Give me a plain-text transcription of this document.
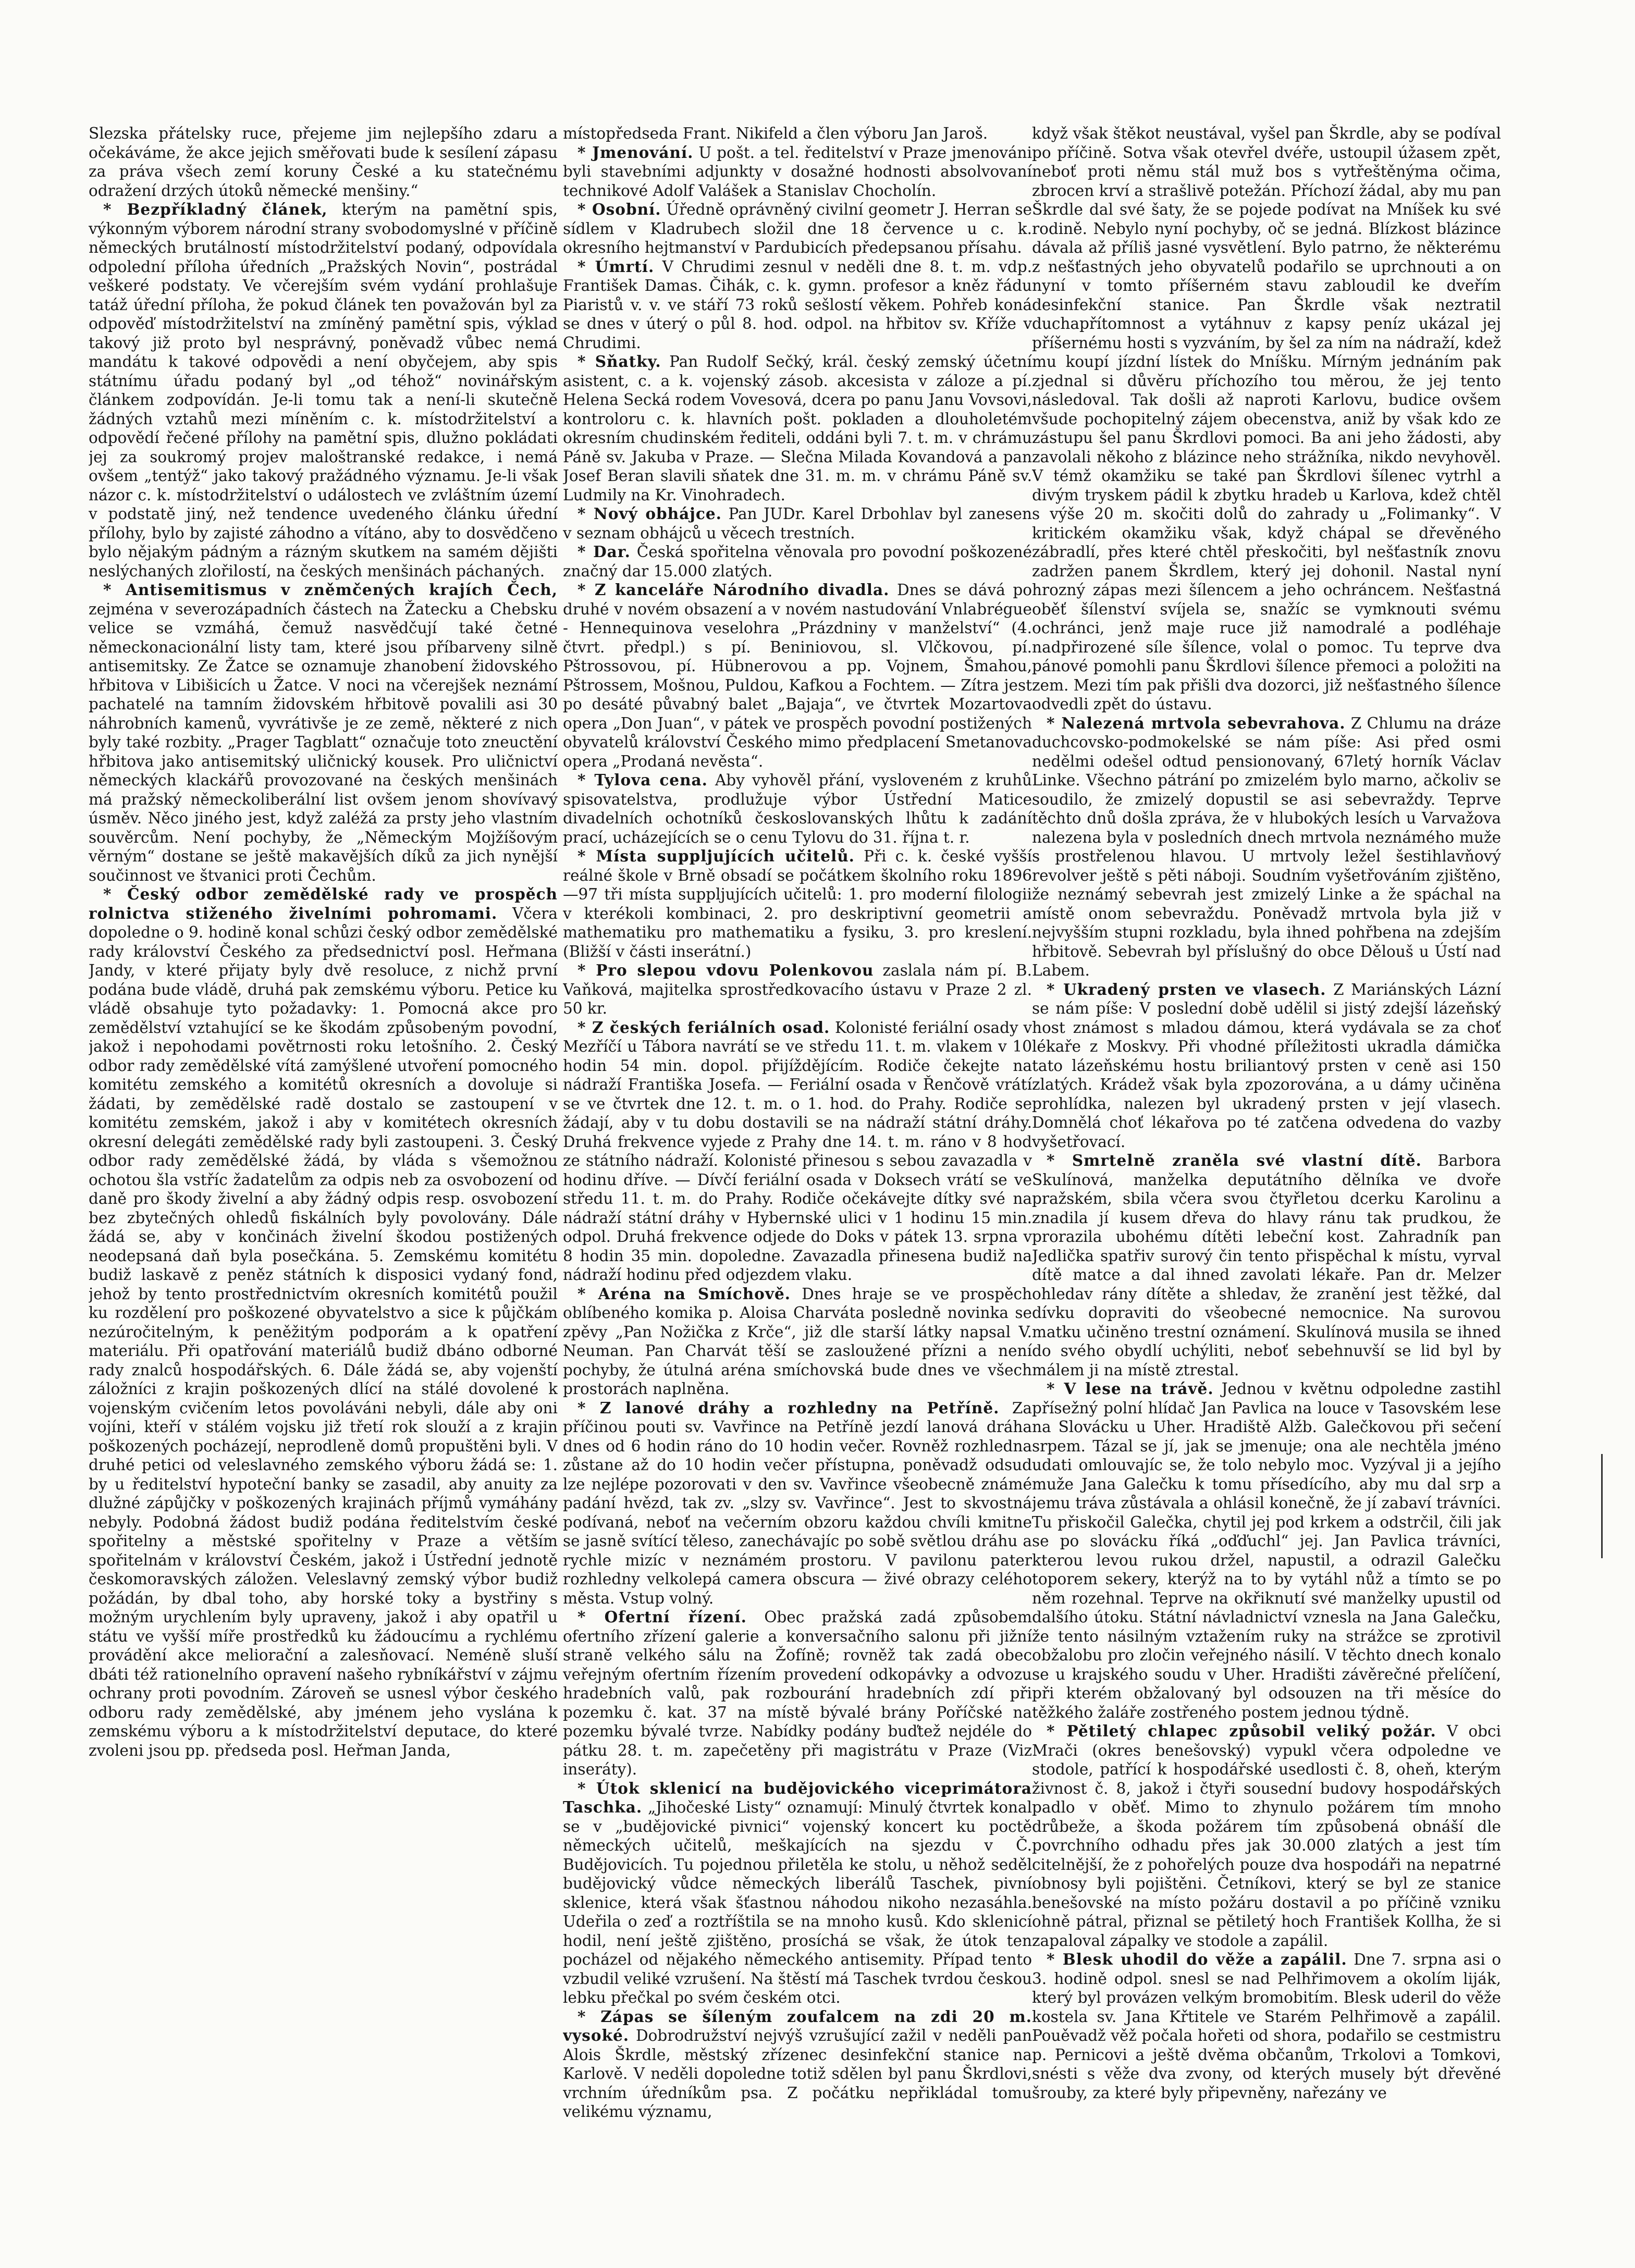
Slezska přátelsky ruce, přejeme jim nejlepšího zdaru a očekáváme, že akce jejich směřovati bude k sesílení zápasu za práva všech zemí koruny České a ku statečnému odražení drzých útoků německé menšiny.“

* Bezpříkladný článek, kterým na pamětní spis, výkonným výborem národní strany svobodomyslné v příčině německých brutálností místodržitelství podaný, odpovídala odpolední příloha úředních „Pražských Novin“, postrádal veškeré podstaty. Ve včerejším svém vydání prohlašuje tatáž úřední příloha, že pokud článek ten považován byl za odpověď místodržitelství na zmíněný pamětní spis, výklad takový již proto byl nesprávný, poněvadž vůbec nemá mandátu k takové odpovědi a není obyčejem, aby spis státnímu úřadu podaný byl „od téhož“ novinářským článkem zodpovídán. Je-li tomu tak a není-li skutečně žádných vztahů mezi míněním c. k. místodržitelství a odpovědí řečené přílohy na pamětní spis, dlužno pokládati jej za soukromý projev maloštranské redakce, i nemá ovšem „tentýž“ jako takový pražádného významu. Je-li však názor c. k. místodržitelství o událostech ve zvláštním území v podstatě jiný, než tendence uvedeného článku úřední přílohy, bylo by zajisté záhodno a vítáno, aby to dosvědčeno bylo nějakým pádným a rázným skutkem na samém dějišti neslýchaných zlořilostí, na českých menšinách páchaných.

* Antisemitismus v zněmčených krajích Čech, zejména v severozápadních částech na Žatecku a Chebsku velice se vzmáhá, čemuž nasvědčují také četné německonacionální listy tam, které jsou příbarveny silně antisemitsky. Ze Žatce se oznamuje zhanobení židovského hřbitova v Libišicích u Žatce. V noci na včerejšek neznámí pachatelé na tamním židovském hřbitově povalili asi 30 náhrobních kamenů, vyvrátivše je ze země, některé z nich byly také rozbity. „Prager Tagblatt“ označuje toto zneuctění hřbitova jako antisemitský uličnický kousek. Pro uličnictví německých klackářů provozované na českých menšinách má pražský německoliberální list ovšem jenom shovívavý úsměv. Něco jiného jest, když zaléžá za prsty jeho vlastním souvěrcům. Není pochyby, že „Německým Mojžíšovým věrným“ dostane se ještě makavějších díků za jich nynější součinnost ve štvanici proti Čechům.

* Český odbor zemědělské rady ve prospěch rolnictva stiženého živelními pohromami. Včera dopoledne o 9. hodině konal schůzi český odbor zemědělské rady království Českého za předsednictví posl. Heřmana Jandy, v které přijaty byly dvě resoluce, z nichž první podána bude vládě, druhá pak zemskému výboru. Petice ku vládě obsahuje tyto požadavky: 1. Pomocná akce pro zemědělství vztahující se ke škodám způsobeným povodní, jakož i nepohodami povětrnosti roku letošního. 2. Český odbor rady zemědělské vítá zamýšlené utvoření pomocného komitétu zemského a komitétů okresních a dovoluje si žádati, by zemědělské radě dostalo se zastoupení v komitétu zemském, jakož i aby v komitétech okresních okresní delegáti zemědělské rady byli zastoupeni. 3. Český odbor rady zemědělské žádá, by vláda s všemožnou ochotou šla vstříc žadatelům za odpis neb za osvobození od daně pro škody živelní a aby žádný odpis resp. osvobození bez zbytečných ohledů fiskálních byly povolovány. Dále žádá se, aby v končinách živelní škodou postižených neodepsaná daň byla posečkána. 5. Zemskému komitétu budiž laskavě z peněz státních k disposici vydaný fond, jehož by tento prostřednictvím okresních komitétů použil ku rozdělení pro poškozené obyvatelstvo a sice k půjčkám nezúročitelným, k peněžitým podporám a k opatření materiálu. Při opatřování materiálů budiž dbáno odborné rady znalců hospodářských. 6. Dále žádá se, aby vojenští záložníci z krajin poškozených dlící na stálé dovolené k vojenským cvičením letos povoláváni nebyli, dále aby oni vojíni, kteří v stálém vojsku již třetí rok slouží a z krajin poškozených pocházejí, neprodleně domů propuštěni byli. V druhé petici od veleslavného zemského výboru žádá se: 1. by u ředitelství hypoteční banky se zasadil, aby anuity za dlužné zápůjčky v poškozených krajinách příjmů vymáhány nebyly. Podobná žádost budiž podána ředitelstvím české spořitelny a městské spořitelny v Praze a větším spořitelnám v království Českém, jakož i Ústřední jednotě českomoravských záložen. Veleslavný zemský výbor budiž požádán, by dbal toho, aby horské toky a bystřiny s možným urychlením byly upraveny, jakož i aby opatřil u státu ve vyšší míře prostředků ku žádoucímu a rychlému provádění akce meliorační a zalesňovací. Neméně sluší dbáti též rationelního opravení našeho rybníkářství v zájmu ochrany proti povodním. Zároveň se usnesl výbor českého odboru rady zemědělské, aby jménem jeho vyslána k zemskému výboru a k místodržitelství deputace, do které zvoleni jsou pp. předseda posl. Heřman Janda,

místopředseda Frant. Nikifeld a člen výboru Jan Jaroš.

* Jmenování. U pošt. a tel. ředitelství v Praze jmenováni byli stavebními adjunkty v dosažné hodnosti absolvovaní technikové Adolf Valášek a Stanislav Chocholín.

* Osobní. Úředně oprávněný civilní geometr J. Herran se sídlem v Kladrubech složil dne 18 července u c. k. okresního hejtmanství v Pardubicích předepsanou přísahu.

* Úmrtí. V Chrudimi zesnul v neděli dne 8. t. m. vdp. František Damas. Čihák, c. k. gymn. profesor a kněz řádu Piaristů v. v. ve stáří 73 roků sešlostí věkem. Pohřeb koná se dnes v úterý o půl 8. hod. odpol. na hřbitov sv. Kříže v Chrudimi.

* Sňatky. Pan Rudolf Sečký, král. český zemský účetní asistent, c. a k. vojenský zásob. akcesista v záloze a pí. Helena Secká rodem Vovesová, dcera po panu Janu Vovsovi, kontroloru c. k. hlavních pošt. pokladen a dlouholetém okresním chudinském řediteli, oddáni byli 7. t. m. v chrámu Páně sv. Jakuba v Praze. — Slečna Milada Kovandová a pan Josef Beran slavili sňatek dne 31. m. m. v chrámu Páně sv. Ludmily na Kr. Vinohradech.

* Nový obhájce. Pan JUDr. Karel Drbohlav byl zanesen v seznam obhájců u věcech trestních.

* Dar. Česká spořitelna věnovala pro povodní poškozené značný dar 15.000 zlatých.

* Z kanceláře Národního divadla. Dnes se dává po druhé v novém obsazení a v novém nastudování Vnlabrégue - Hennequinova veselohra „Prázdniny v manželství“ (4. čtvrt. předpl.) s pí. Beniniovou, sl. Vlčkovou, pí. Pštrossovou, pí. Hübnerovou a pp. Vojnem, Šmahou, Pštrossem, Mošnou, Puldou, Kafkou a Fochtem. — Zítra jest po desáté půvabný balet „Bajaja“, ve čtvrtek Mozartova opera „Don Juan“, v pátek ve prospěch povodní postižených obyvatelů království Českého mimo předplacení Smetanova opera „Prodaná nevěsta“.

* Tylova cena. Aby vyhověl přání, vysloveném z kruhů spisovatelstva, prodlužuje výbor Ústřední Matice divadelních ochotníků českoslovanských lhůtu k zadání prací, ucházejících se o cenu Tylovu do 31. října t. r.

* Místa suppljujících učitelů. Při c. k. české vyšší reálné škole v Brně obsadí se počátkem školního roku 1896—97 tři místa suppljujících učitelů: 1. pro moderní filologii v kterékoli kombinaci, 2. pro deskriptivní geometrii a mathematiku pro mathematiku a fysiku, 3. pro kreslení. (Bližší v části inserátní.)

* Pro slepou vdovu Polenkovou zaslala nám pí. B. Vaňková, majitelka sprostředkovacího ústavu v Praze 2 zl. 50 kr.

* Z českých feriálních osad. Kolonisté feriální osady v Mezříčí u Tábora navrátí se ve středu 11. t. m. vlakem v 10 hodin 54 min. dopol. přijíždějícím. Rodiče čekejte na nádraží Františka Josefa. — Feriální osada v Řenčově vrátí se ve čtvrtek dne 12. t. m. o 1. hod. do Prahy. Rodiče se žádají, aby v tu dobu dostavili se na nádraží státní dráhy. Druhá frekvence vyjede z Prahy dne 14. t. m. ráno v 8 hod ze státního nádraží. Kolonisté přinesou s sebou zavazadla v hodinu dříve. — Dívčí feriální osada v Doksech vrátí se ve středu 11. t. m. do Prahy. Rodiče očekávejte dítky své na nádraží státní dráhy v Hybernské ulici v 1 hodinu 15 min. odpol. Druhá frekvence odjede do Doks v pátek 13. srpna v 8 hodin 35 min. dopoledne. Zavazadla přinesena budiž na nádraží hodinu před odjezdem vlaku.

* Aréna na Smíchově. Dnes hraje se ve prospěch oblíbeného komika p. Aloisa Charváta posledně novinka se zpěvy „Pan Nožička z Krče“, již dle starší látky napsal V. Neuman. Pan Charvát těší se zasloužené přízni a není pochyby, že útulná aréna smíchovská bude dnes ve všech prostorách naplněna.

* Z lanové dráhy a rozhledny na Petříně. Za příčinou pouti sv. Vavřince na Petříně jezdí lanová dráha dnes od 6 hodin ráno do 10 hodin večer. Rovněž rozhledna zůstane až do 10 hodin večer přístupna, poněvadž odsud lze nejlépe pozorovati v den sv. Vavřince všeobecně známé padání hvězd, tak zv. „slzy sv. Vavřince“. Jest to skvostná podívaná, neboť na večerním obzoru každou chvíli kmitne se jasně svítící těleso, zanechávajíc po sobě světlou dráhu a rychle mizíc v neznámém prostoru. V pavilonu pater rozhledny velkolepá camera obscura — živé obrazy celého města. Vstup volný.

* Ofertní řízení. Obec pražská zadá způsobem ofertního zřízení galerie a konversačního salonu při jižní straně velkého sálu na Žofíně; rovněž tak zadá obec veřejným ofertním řízením provedení odkopávky a odvozu hradebních valů, pak rozbourání hradebních zdí při pozemku č. kat. 37 na místě bývalé brány Poříčské na pozemku bývalé tvrze. Nabídky podány buďtež nejdéle do pátku 28. t. m. zapečetěny při magistrátu v Praze (Viz inseráty).

* Útok sklenicí na budějovického viceprimátora Taschka. „Jihočeské Listy“ oznamují: Minulý čtvrtek konal se v „budějovické pivnici“ vojenský koncert ku poctě německých učitelů, meškajících na sjezdu v Č. Budějovicích. Tu pojednou přiletěla ke stolu, u něhož seděl budějovický vůdce německých liberálů Taschek, pivní sklenice, která však šťastnou náhodou nikoho nezasáhla. Udeřila o zeď a roztříštila se na mnoho kusů. Kdo sklenicí hodil, není ještě zjištěno, prosíchá se však, že útok ten pocházel od nějakého německého antisemity. Případ tento vzbudil veliké vzrušení. Na štěstí má Taschek tvrdou českou lebku přečkal po svém českém otci.

* Zápas se šíleným zoufalcem na zdi 20 m. vysoké. Dobrodružství nejvýš vzrušující zažil v neděli pan Alois Škrdle, městský zřízenec desinfekční stanice na Karlově. V neděli dopoledne totiž sdělen byl panu Škrdlovi, vrchním úředníkům psa. Z počátku nepřikládal tomu velikému významu,

když však štěkot neustával, vyšel pan Škrdle, aby se podíval po příčině. Sotva však otevřel dvéře, ustoupil úžasem zpět, neboť proti němu stál muž bos s vytřeštěnýma očima, zbrocen krví a strašlivě potežán. Příchozí žádal, aby mu pan Škrdle dal své šaty, že se pojede podívat na Mníšek ku své rodině. Nebylo nyní pochyby, oč se jedná. Blízkost blázince dávala až příliš jasné vysvětlení. Bylo patrno, že některému z nešťastných jeho obyvatelů podařilo se uprchnouti a on nyní v tomto příšerném stavu zabloudil ke dveřím desinfekční stanice. Pan Škrdle však neztratil duchapřítomnost a vytáhnuv z kapsy peníz ukázal jej příšernému hosti s vyzváním, by šel za ním na nádraží, kdež mu koupí jízdní lístek do Mníšku. Mírným jednáním pak zjednal si důvěru příchozího tou měrou, že jej tento následoval. Tak došli až naproti Karlovu, budice ovšem všude pochopitelný zájem obecenstva, aniž by však kdo ze zástupu šel panu Škrdlovi pomoci. Ba ani jeho žádosti, aby zavolali někoho z blázince neho strážníka, nikdo nevyhověl. V témž okamžiku se také pan Škrdlovi šílenec vytrhl a divým tryskem pádil k zbytku hradeb u Karlova, kdež chtěl s výše 20 m. skočiti dolů do zahrady u „Folimanky“. V kritickém okamžiku však, když chápal se dřevěného zábradlí, přes které chtěl přeskočiti, byl nešťastník znovu zadržen panem Škrdlem, který jej dohonil. Nastal nyní hrozný zápas mezi šílencem a jeho ochráncem. Nešťastná oběť šílenství svíjela se, snažíc se vymknouti svému ochránci, jenž maje ruce již namodralé a podléhaje nadpřirozené síle šílence, volal o pomoc. Tu teprve dva pánové pomohli panu Škrdlovi šílence přemoci a položiti na zem. Mezi tím pak přišli dva dozorci, již nešťastného šílence odvedli zpět do ústavu.

* Nalezená mrtvola sebevrahova. Z Chlumu na dráze duchcovsko-podmokelské se nám píše: Asi před osmi nedělmi odešel odtud pensionovaný, 67letý horník Václav Linke. Všechno pátrání po zmizelém bylo marno, ačkoliv se soudilo, že zmizelý dopustil se asi sebevraždy. Teprve těchto dnů došla zpráva, že v hlubokých lesích u Varvažova nalezena byla v posledních dnech mrtvola neznámého muže s prostřelenou hlavou. U mrtvoly ležel šestihlavňový revolver ještě s pěti náboji. Soudním vyšetřováním zjištěno, že neznámý sebevrah jest zmizelý Linke a že spáchal na místě onom sebevraždu. Poněvadž mrtvola byla již v nejvyšším stupni rozkladu, byla ihned pohřbena na zdejším hřbitově. Sebevrah byl příslušný do obce Dělouš u Ústí nad Labem.

* Ukradený prsten ve vlasech. Z Mariánských Lázní se nám píše: V poslední době udělil si jistý zdejší lázeňský host známost s mladou dámou, která vydávala se za choť lékaře z Moskvy. Při vhodné příležitosti ukradla dámička tato lázeňskému hostu briliantový prsten v ceně asi 150 zlatých. Krádež však byla zpozorována, a u dámy učiněna prohlídka, nalezen byl ukradený prsten v její vlasech. Domnělá choť lékařova po té zatčena odvedena do vazby vyšetřovací.

* Smrtelně zraněla své vlastní dítě. Barbora Skulínová, manželka deputátního dělníka ve dvoře pražském, sbila včera svou čtyřletou dcerku Karolinu a znadila jí kusem dřeva do hlavy ránu tak prudkou, že prorazila ubohému dítěti lebeční kost. Zahradník pan Jedlička spatřiv surový čin tento přispěchal k místu, vyrval dítě matce a dal ihned zavolati lékaře. Pan dr. Melzer ohledav rány dítěte a shledav, že zranění jest těžké, dal dívku dopraviti do všeobecné nemocnice. Na surovou matku učiněno trestní oznámení. Skulínová musila se ihned do svého obydlí uchýliti, neboť sebehnuvší se lid byl by málem ji na místě ztrestal.

* V lese na trávě. Jednou v květnu odpoledne zastihl přísežný polní hlídač Jan Pavlica na louce v Tasovském lese na Slovácku u Uher. Hradiště Alžb. Galečkovou při sečení srpem. Tázal se jí, jak se jmenuje; ona ale nechtěla jméno udati omlouvajíc se, že tolo nebylo moc. Vyzýval ji a jejího muže Jana Galečku k tomu přísedícího, aby mu dal srp a jemu tráva zůstávala a ohlásil konečně, že jí zabaví trávníci. Tu přiskočil Galečka, chytil jej pod krkem a odstrčil, čili jak se po slovácku říká „oďďuchl“ jej. Jan Pavlica trávníci, kterou levou rukou držel, napustil, a odrazil Galečku toporem sekery, kterýž na to by vytáhl nůž a tímto se po něm rozehnal. Teprve na okřiknutí své manželky upustil od dalšího útoku. Státní návladnictví vznesla na Jana Galečku, že tento násilným vztažením ruky na strážce se zprotivil obžalobu pro zločin veřejného násilí. V těchto dnech konalo se u krajského soudu v Uher. Hradišti závěrečné přelíčení, při kterém obžalovaný byl odsouzen na tři měsíce do těžkého žaláře zostřeného postem jednou týdně.

* Pětiletý chlapec způsobil veliký požár. V obci Mrači (okres benešovský) vypukl včera odpoledne ve stodole, patřící k hospodářské usedlosti č. 8, oheň, kterým živnost č. 8, jakož i čtyři sousední budovy hospodářských padlo v oběť. Mimo to zhynulo požárem tím mnoho drůbeže, a škoda požárem tím způsobená obnáší dle povrchního odhadu přes jak 30.000 zlatých a jest tím citelnější, že z pohořelých pouze dva hospodáři na nepatrné obnosy byli pojištěni. Četníkovi, který se byl ze stanice benešovské na místo požáru dostavil a po příčině vzniku ohně pátral, přiznal se pětiletý hoch František Kollha, že si zapaloval zápalky ve stodole a zapálil.

* Blesk uhodil do věže a zapálil. Dne 7. srpna asi o 3. hodině odpol. snesl se nad Pelhřimovem a okolím liják, který byl provázen velkým bromobitím. Blesk uderil do věže kostela sv. Jana Křtitele ve Starém Pelhřimově a zapálil. Pouěvadž věž počala hořeti od shora, podařilo se cestmistru p. Pernicovi a ještě dvěma občanům, Trkolovi a Tomkovi, snésti s věže dva zvony, od kterých musely být dřevěné šrouby, za které byly připevněny, nařezány ve
